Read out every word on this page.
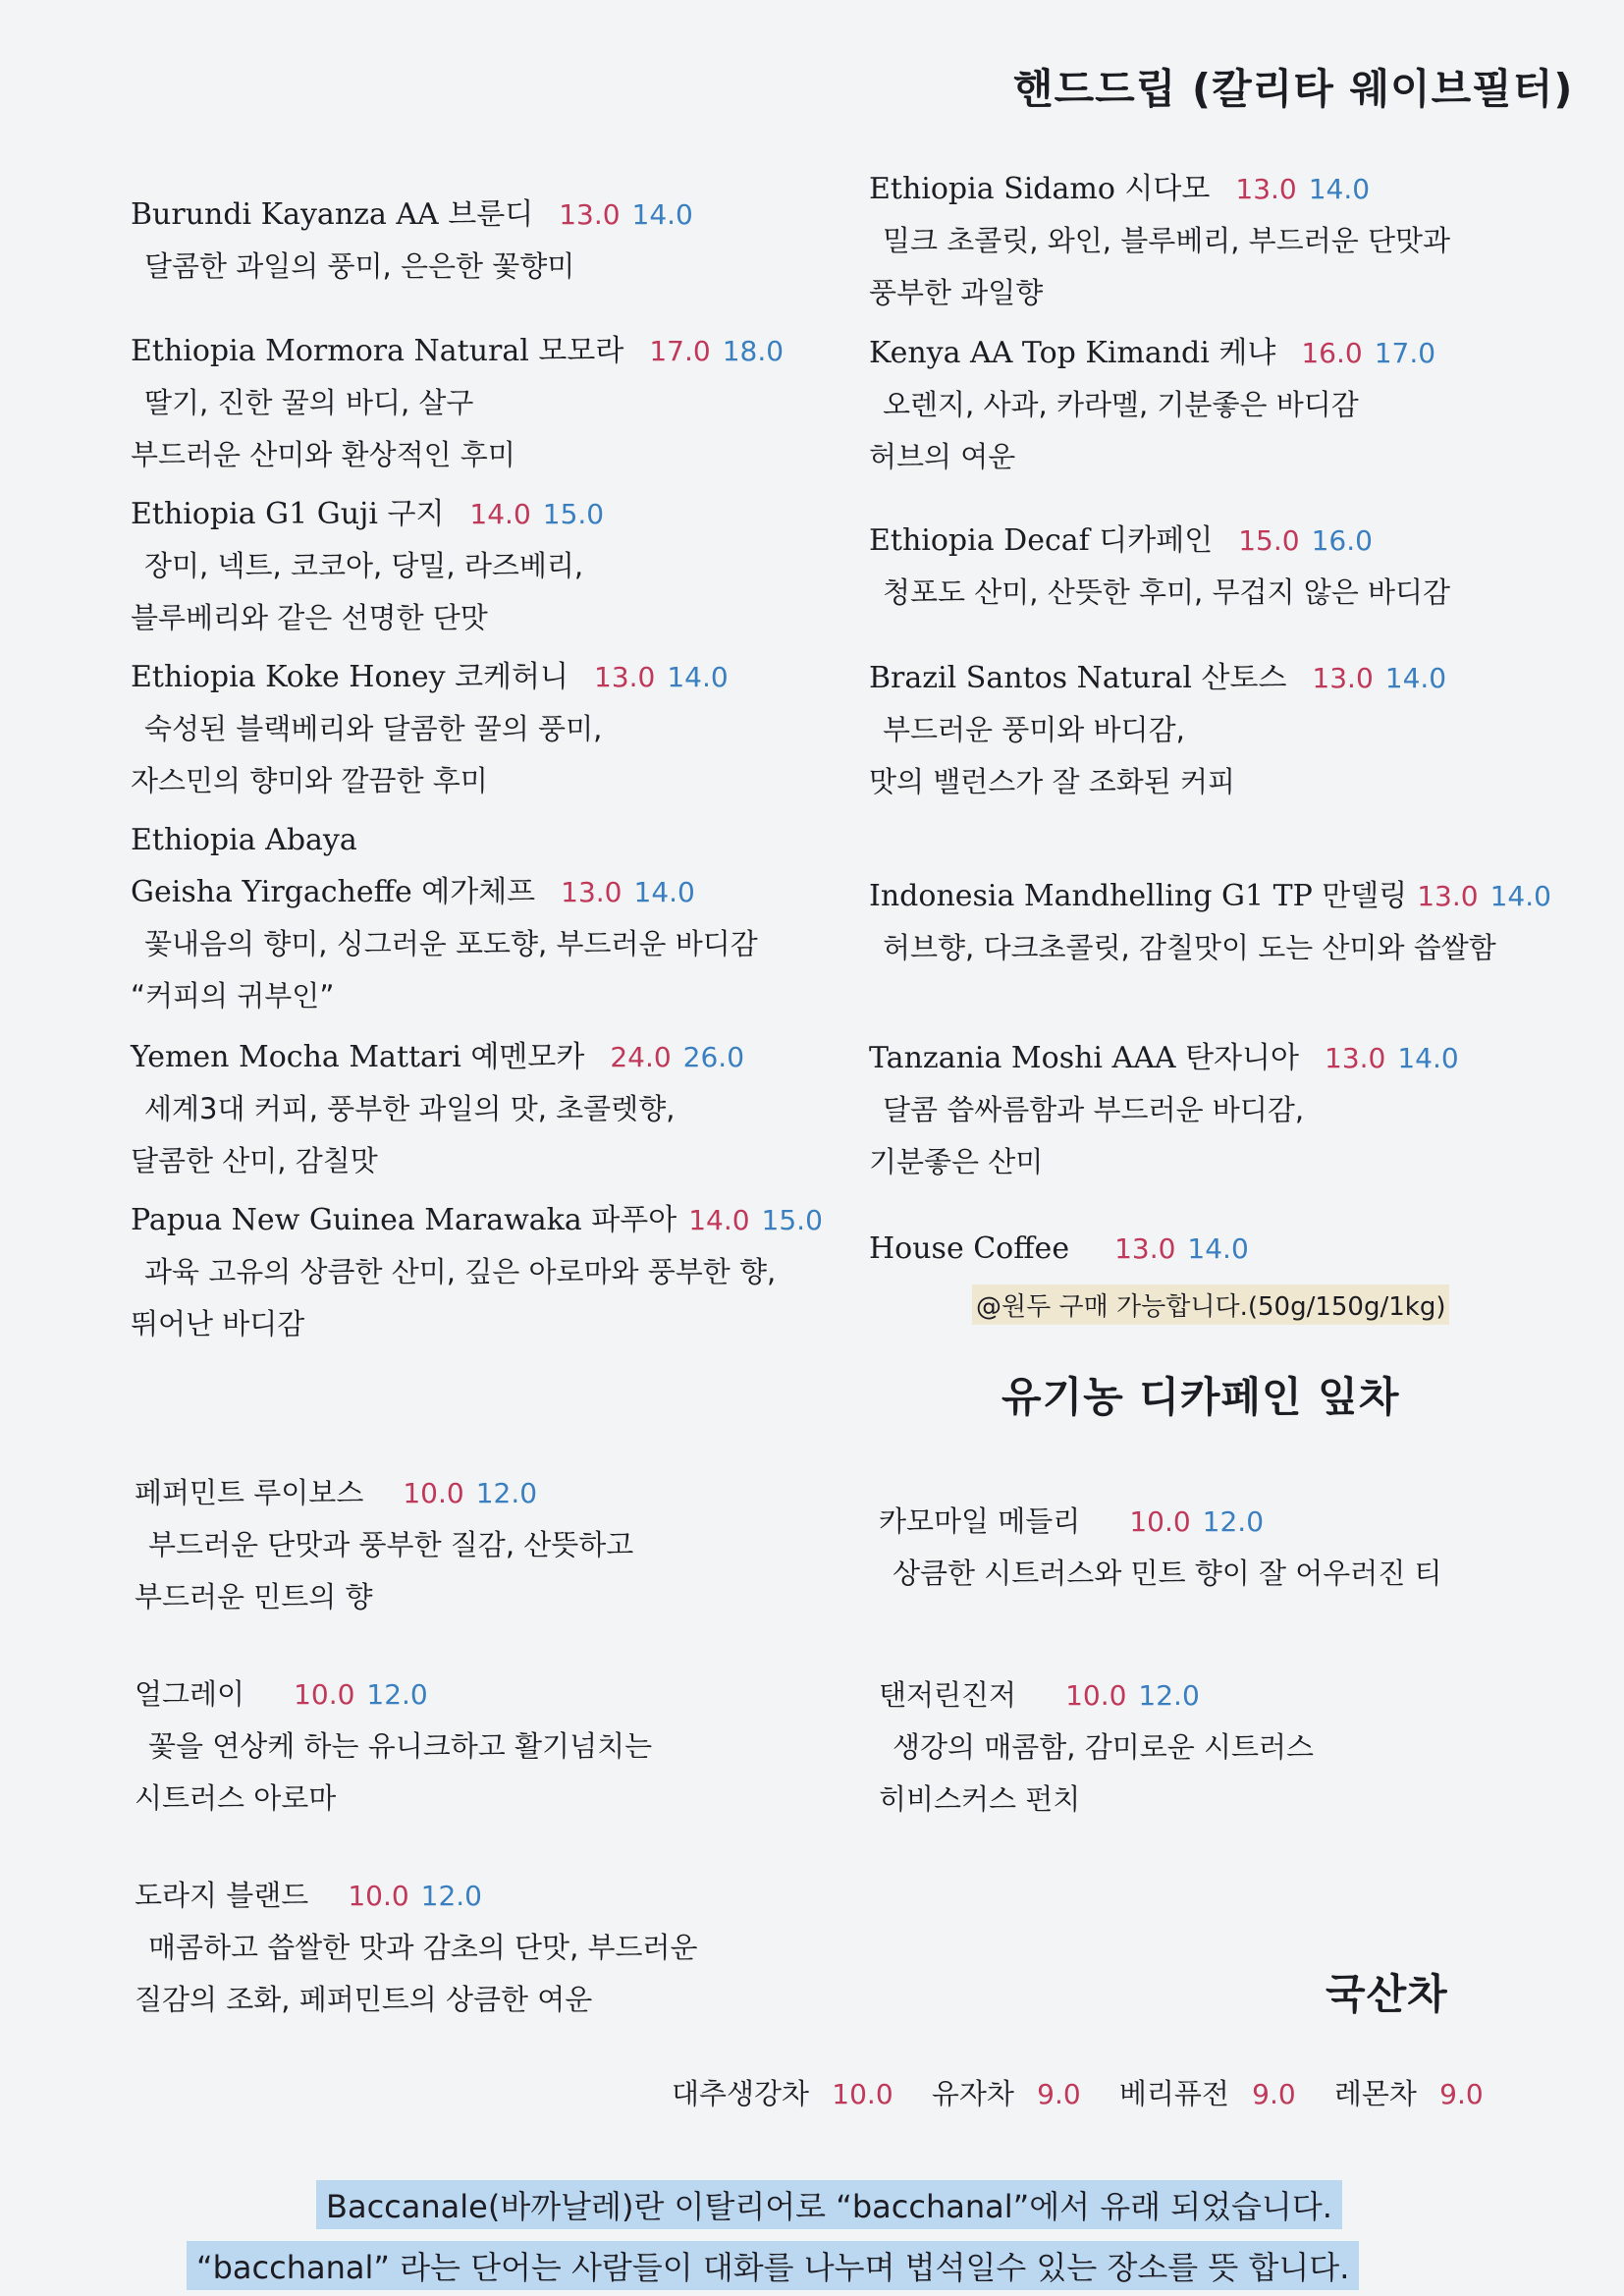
핸드드립 (칼리타 웨이브필터)
유기농 디카페인 잎차
국산차
Burundi Kayanza AA 브룬디 13.0 14.0
달콤한 과일의 풍미, 은은한 꽃향미
Ethiopia Mormora Natural 모모라 17.0 18.0
딸기, 진한 꿀의 바디, 살구
부드러운 산미와 환상적인 후미
Ethiopia G1 Guji 구지 14.0 15.0
장미, 넥트, 코코아, 당밀, 라즈베리,
블루베리와 같은 선명한 단맛
Ethiopia Koke Honey 코케허니 13.0 14.0
숙성된 블랙베리와 달콤한 꿀의 풍미,
자스민의 향미와 깔끔한 후미
Ethiopia Abaya
Geisha Yirgacheffe 예가체프 13.0 14.0
꽃내음의 향미, 싱그러운 포도향, 부드러운 바디감
“커피의 귀부인”
Yemen Mocha Mattari 예멘모카 24.0 26.0
세계3대 커피, 풍부한 과일의 맛, 초콜렛향,
달콤한 산미, 감칠맛
Papua New Guinea Marawaka 파푸아 14.0 15.0
과육 고유의 상큼한 산미, 깊은 아로마와 풍부한 향,
뛰어난 바디감
Ethiopia Sidamo 시다모 13.0 14.0
밀크 초콜릿, 와인, 블루베리, 부드러운 단맛과
풍부한 과일향
Kenya AA Top Kimandi 케냐 16.0 17.0
오렌지, 사과, 카라멜, 기분좋은 바디감
허브의 여운
Ethiopia Decaf 디카페인 15.0 16.0
청포도 산미, 산뜻한 후미, 무겁지 않은 바디감
Brazil Santos Natural 산토스 13.0 14.0
부드러운 풍미와 바디감,
맛의 밸런스가 잘 조화된 커피
Indonesia Mandhelling G1 TP 만델링 13.0 14.0
허브향, 다크초콜릿, 감칠맛이 도는 산미와 씁쌀함
Tanzania Moshi AAA 탄자니아 13.0 14.0
달콤 씁싸름함과 부드러운 바디감,
기분좋은 산미
House Coffee 13.0 14.0
@원두 구매 가능합니다.(50g/150g/1kg)
페퍼민트 루이보스 10.0 12.0
부드러운 단맛과 풍부한 질감, 산뜻하고
부드러운 민트의 향
얼그레이 10.0 12.0
꽃을 연상케 하는 유니크하고 활기넘치는
시트러스 아로마
도라지 블랜드 10.0 12.0
매콤하고 씁쌀한 맛과 감초의 단맛, 부드러운
질감의 조화, 페퍼민트의 상큼한 여운
카모마일 메들리 10.0 12.0
상큼한 시트러스와 민트 향이 잘 어우러진 티
탠저린진저 10.0 12.0
생강의 매콤함, 감미로운 시트러스
히비스커스 펀치
대추생강차 10.0 유자차 9.0 베리퓨전 9.0 레몬차 9.0
Baccanale(바까날레)란 이탈리어로 “bacchanal”에서 유래 되었습니다.
“bacchanal” 라는 단어는 사람들이 대화를 나누며 법석일수 있는 장소를 뜻 합니다.
